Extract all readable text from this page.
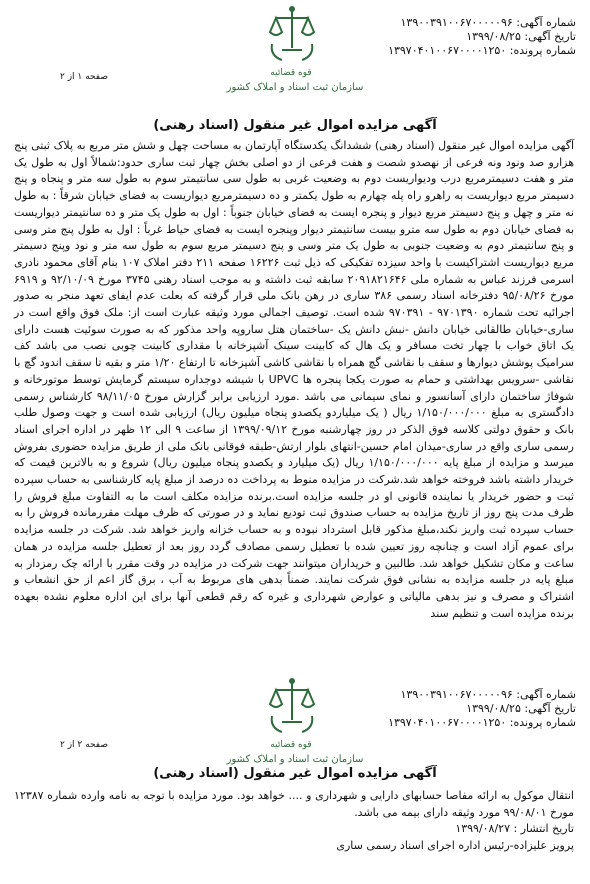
شماره آگهی: ۱۳۹۰۰۳۹۱۰۰۶۷۰۰۰۰۰۹۶
تاریخ آگهی: ۱۳۹۹/۰۸/۲۵
شماره پرونده: ۱۳۹۷۰۴۰۱۰۰۶۷۰۰۰۰۱۲۵۰
قوه قضائیه
سازمان ثبت اسناد و املاک کشور
صفحه ۱ از ۲
آگهی مزایده اموال غیر منقول (اسناد رهنی)

آگهی مزایده اموال غیر منقول (اسناد رهنی) ششدانگ یکدستگاه آپارتمان به مساحت چهل و شش متر مربع به پلاک ثبتی پنج هزارو صد ونود ونه فرعی از نهصدو شصت و هفت فرعی از دو اصلی بخش چهار ثبت ساری حدود:شمالاً اول به طول یک متر و هفت دسیمترمربع درب ودیواریست دوم به وضعیت غربی به طول سی سانتیمتر سوم به طول سه متر و پنجاه و پنج دسیمتر مربع دیواریست به راهرو راه پله چهارم به طول یکمتر و ده دسیمترمربع دیواریست به فضای خیابان شرقاً : به طول نه متر و چهل و پنج دسیمتر مربع دیوار و پنجره ایست به فضای خیابان جنوباً : اول به طول یک متر و ده سانتیمتر دیواریست به فضای خیابان دوم به طول سه مترو بیست سانتیمتر دیوار وپنجره ایست به فضای حیاط غرباً : اول به طول پنج متر وسی و پنج سانتیمتر دوم به وضعیت جنوبی به طول یک متر وسی و پنج دسیمتر مربع سوم به طول سه متر و نود وپنج دسیمتر مربع دیواریست اشتراکیست با واحد سیزده تفکیکی که ذیل ثبت ۱۶۲۲۶ صفحه ۲۱۱ دفتر املاک ۱۰۷ بنام آقای محمود نادری اسرمی فرزند عباس به شماره ملی ۲۰۹۱۸۲۱۶۴۶ سابقه ثبت داشته و به موجب اسناد رهنی ۳۷۴۵ مورخ ۹۲/۱۰/۰۹ و ۶۹۱۹ مورخ ۹۵/۰۸/۲۶ دفترخانه اسناد رسمی ۳۸۶ ساری در رهن بانک ملی قرار گرفته که بعلت عدم ایفای تعهد منجر به صدور اجرائیه تحت شماره ۹۷۰۱۳۹۰ - ۹۷۰۳۹۱ شده است. توصیف اجمالی مورد وثیقه عبارت است از: ملک فوق واقع است در ساری-خیابان طالقانی خیابان دانش -نبش دانش یک -ساختمان هتل ساروپه واحد مذکور که به صورت سوئیت هست دارای یک اتاق خواب با چهار تخت مسافر و یک هال که کابینت سینک آشپزخانه با مقداری کابینت چوبی نصب می باشد کف سرامیک پوشش دیوارها و سقف با نقاشی گچ همراه با نقاشی کاشی آشپزخانه تا ارتفاع ۱/۲۰ متر و بقیه تا سقف اندود گچ با نقاشی -سرویس بهداشتی و حمام به صورت یکجا پنجره ها UPVC با شیشه دوجداره سیستم گرمایش توسط موتورخانه و شوفاژ ساختمان دارای آسانسور و نمای سیمانی می باشد .مورد ارزیابی برابر گزارش مورخ ۹۸/۱۱/۰۵ کارشناس رسمی دادگستری به مبلغ ۱/۱۵۰/۰۰۰/۰۰۰ ریال ( یک میلیاردو یکصدو پنجاه میلیون ریال) ارزیابی شده است و جهت وصول طلب بانک و حقوق دولتی کلاسه فوق الذکر در روز چهارشنبه مورخ ۱۳۹۹/۰۹/۱۲ از ساعت ۹ الی ۱۲ ظهر در اداره اجرای اسناد رسمی ساری واقع در ساری-میدان امام حسین-انتهای بلوار ارتش-طبقه فوقانی بانک ملی از طریق مزایده حضوری بفروش میرسد و مزایده از مبلغ پایه ۱/۱۵۰/۰۰۰/۰۰۰ ریال (یک میلیارد و یکصدو پنجاه میلیون ریال) شروع و به بالاترین قیمت که خریدار داشته باشد فروخته خواهد شد.شرکت در مزایده منوط به پرداخت ده درصد از مبلغ پایه کارشناسی به حساب سپرده ثبت و حضور خریدار یا نماینده قانونی او در جلسه مزایده است.برنده مزایده مکلف است ما به التفاوت مبلغ فروش را ظرف مدت پنج روز از تاریخ مزایده به حساب صندوق ثبت تودیع نماید و در صورتی که ظرف مهلت مقررمانده فروش را به حساب سپرده ثبت واریز نکند،مبلغ مذکور قابل استرداد نبوده و به حساب خزانه واریز خواهد شد. شرکت در جلسه مزایده برای عموم آزاد است و چنانچه روز تعیین شده با تعطیل رسمی مصادف گردد روز بعد از تعطیل جلسه مزایده در همان ساعت و مکان تشکیل خواهد شد. طالبین و خریداران میتوانند جهت شرکت در مزایده در وقت مقرر با ارائه چک رمزدار به مبلغ پایه در جلسه مزایده به نشانی فوق شرکت نمایند. ضمناً بدهی های مربوط به آب ، برق گاز اعم از حق انشعاب و اشتراک و مصرف و نیز بدهی مالیاتی و عوارض شهرداری و غیره که رقم قطعی آنها برای این اداره معلوم نشده بعهده برنده مزایده است و تنظیم سند

شماره آگهی: ۱۳۹۰۰۳۹۱۰۰۶۷۰۰۰۰۰۹۶
تاریخ آگهی: ۱۳۹۹/۰۸/۲۵
شماره پرونده: ۱۳۹۷۰۴۰۱۰۰۶۷۰۰۰۰۱۲۵۰
قوه قضائیه
سازمان ثبت اسناد و املاک کشور
صفحه ۲ از ۲
آگهی مزایده اموال غیر منقول (اسناد رهنی)
انتقال موکول به ارائه مفاصا حسابهای دارایی و شهرداری و .... خواهد بود. مورد مزایده با توجه به نامه وارده شماره ۱۲۳۸۷ مورخ ۹۹/۰۸/۰۱ مورد وثیقه دارای بیمه می باشد.
تاریخ انتشار : ۱۳۹۹/۰۸/۲۷
پرویز علیزاده-رئیس اداره اجرای اسناد رسمی ساری
